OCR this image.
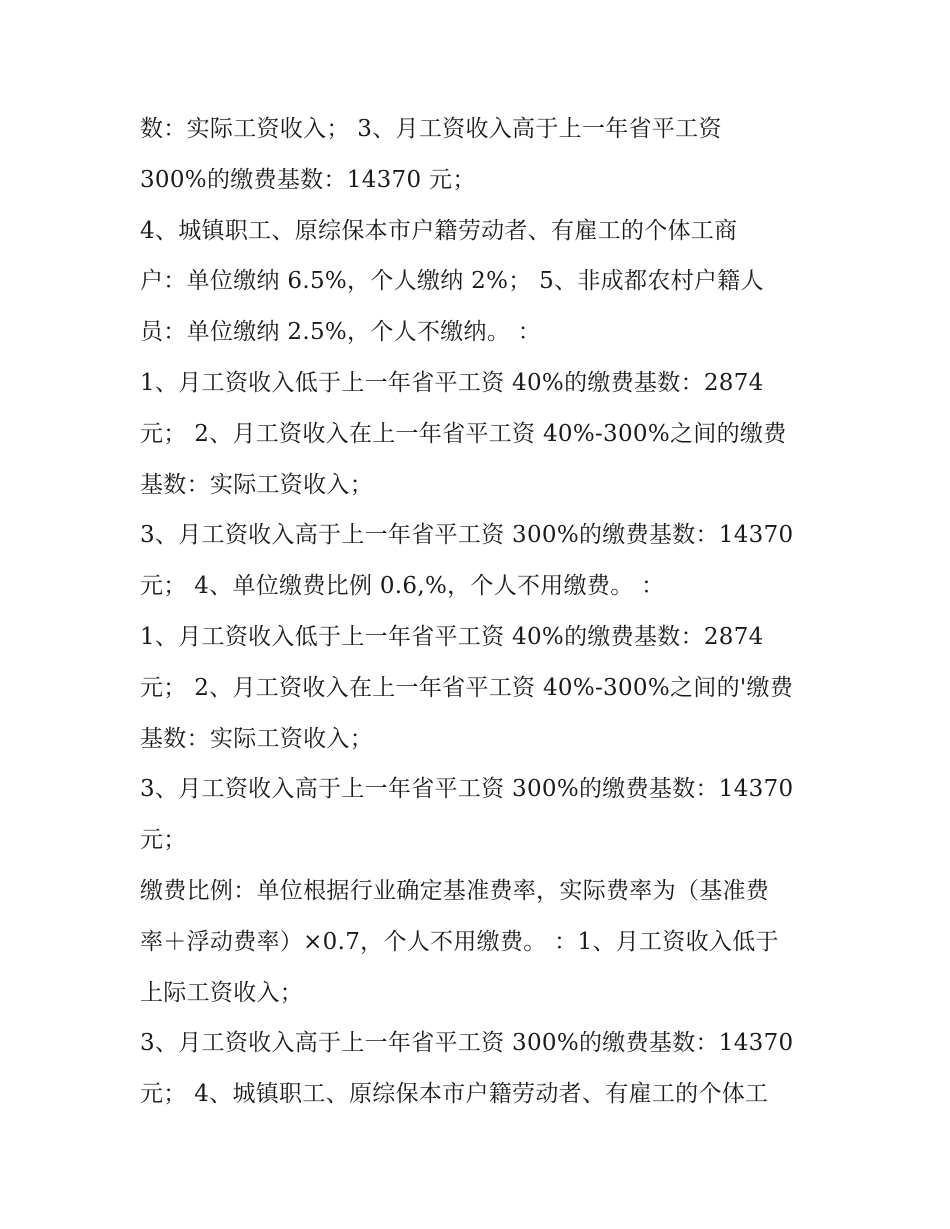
数：实际工资收入； 3、月工资收入高于上一年省平工资
300%的缴费基数：14370 元；
4、城镇职工、原综保本市户籍劳动者、有雇工的个体工商
户：单位缴纳 6.5%，个人缴纳 2%； 5、非成都农村户籍人
员：单位缴纳 2.5%，个人不缴纳。 ：
1、月工资收入低于上一年省平工资 40%的缴费基数：2874
元； 2、月工资收入在上一年省平工资 40%-300%之间的缴费
基数：实际工资收入；
3、月工资收入高于上一年省平工资 300%的缴费基数：14370
元； 4、单位缴费比例 0.6,%，个人不用缴费。 ：
1、月工资收入低于上一年省平工资 40%的缴费基数：2874
元； 2、月工资收入在上一年省平工资 40%-300%之间的'缴费
基数：实际工资收入；
3、月工资收入高于上一年省平工资 300%的缴费基数：14370
元；
缴费比例：单位根据行业确定基准费率，实际费率为（基准费
率＋浮动费率）×0.7，个人不用缴费。 ：1、月工资收入低于
上际工资收入；
3、月工资收入高于上一年省平工资 300%的缴费基数：14370
元； 4、城镇职工、原综保本市户籍劳动者、有雇工的个体工
